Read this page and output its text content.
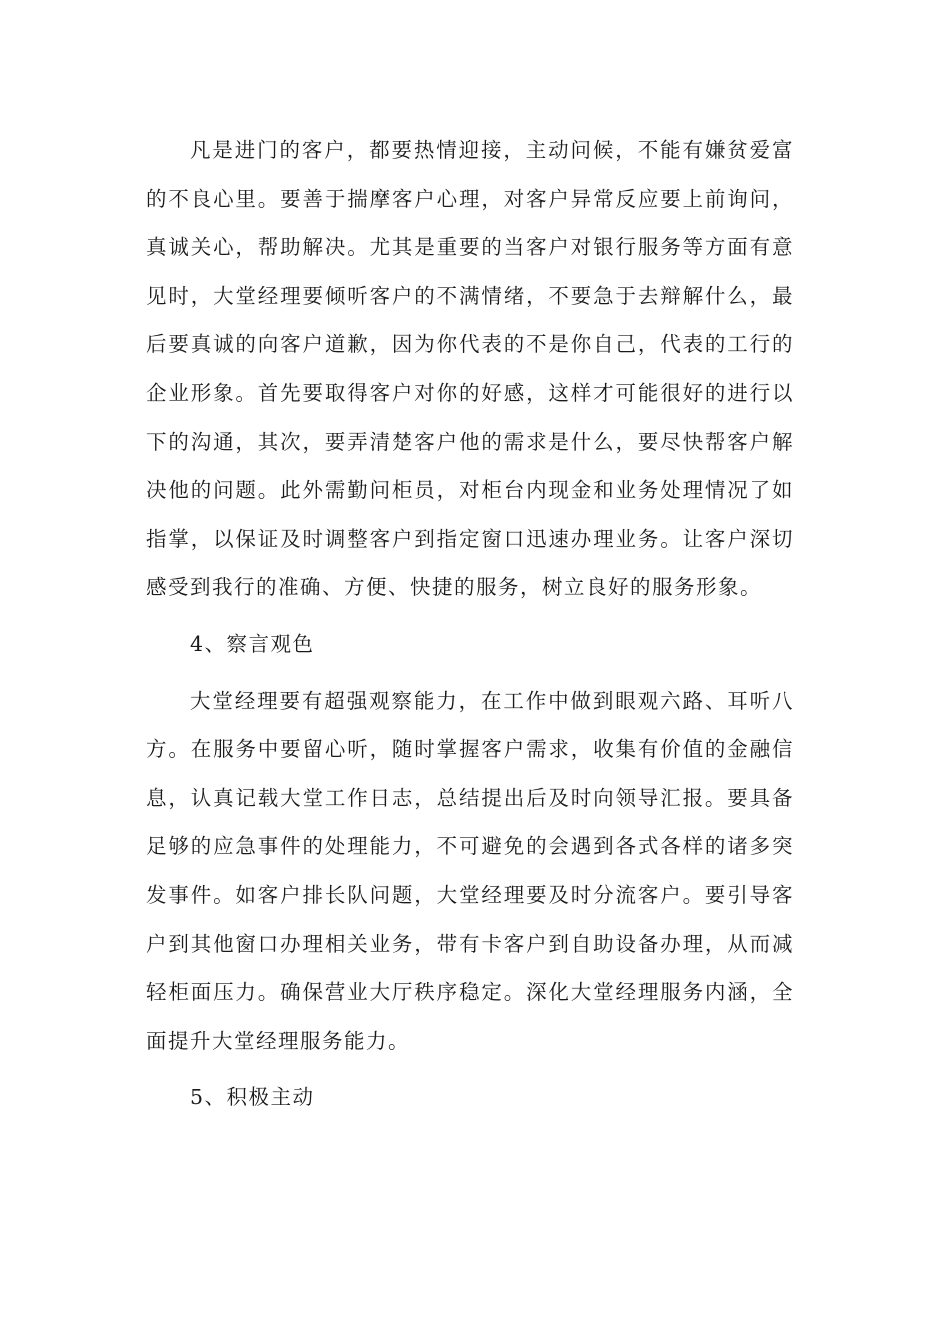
凡是进门的客户，都要热情迎接，主动问候，不能有嫌贫爱富的不良心里。要善于揣摩客户心理，对客户异常反应要上前询问，真诚关心，帮助解决。尤其是重要的当客户对银行服务等方面有意见时，大堂经理要倾听客户的不满情绪，不要急于去辩解什么，最后要真诚的向客户道歉，因为你代表的不是你自己，代表的工行的企业形象。首先要取得客户对你的好感，这样才可能很好的进行以下的沟通，其次，要弄清楚客户他的需求是什么，要尽快帮客户解决他的问题。此外需勤问柜员，对柜台内现金和业务处理情况了如指掌，以保证及时调整客户到指定窗口迅速办理业务。让客户深切感受到我行的准确、方便、快捷的服务，树立良好的服务形象。

4、察言观色

大堂经理要有超强观察能力，在工作中做到眼观六路、耳听八方。在服务中要留心听，随时掌握客户需求，收集有价值的金融信息，认真记载大堂工作日志，总结提出后及时向领导汇报。要具备足够的应急事件的处理能力，不可避免的会遇到各式各样的诸多突发事件。如客户排长队问题，大堂经理要及时分流客户。要引导客户到其他窗口办理相关业务，带有卡客户到自助设备办理，从而减轻柜面压力。确保营业大厅秩序稳定。深化大堂经理服务内涵，全面提升大堂经理服务能力。

5、积极主动
